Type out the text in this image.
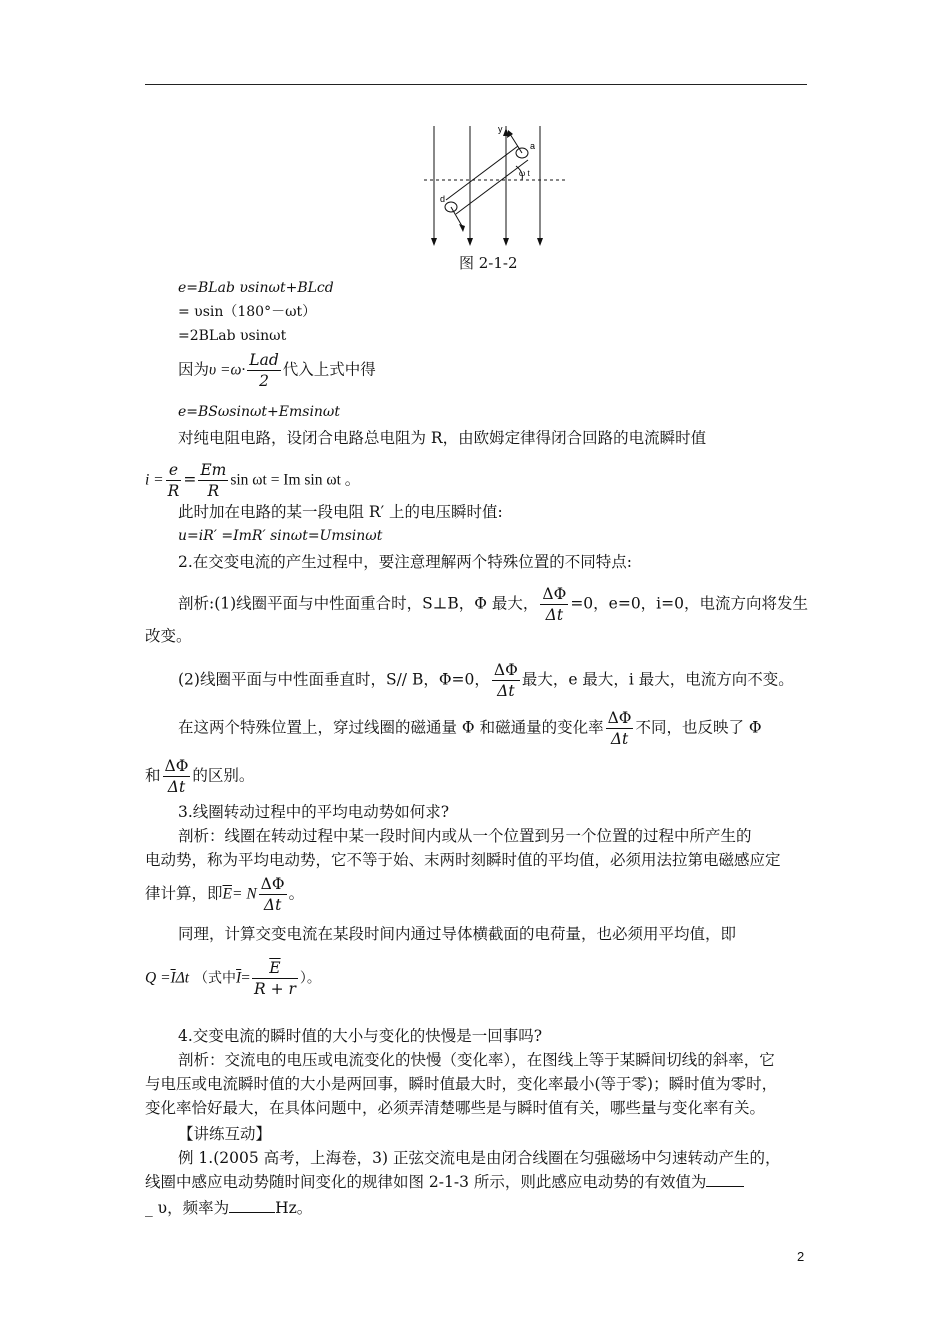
y
a
d
ω t
图 2-1-2
e=BLab υsinωt+BLcd
= υsin（180°－ωt）
=2BLab υsinωt
因为$\upsilon =\omega\cdot \frac{\text{Lad}}{2}$ 代入上式中得
e=BSωsinωt+Emsinωt
对纯电阻电路，设闭合电路总电阻为 R，由欧姆定律得闭合回路的电流瞬时值
$i = \frac{e}{R} = \frac{Em}{R}$ sin ωt = Im sin ωt 。
此时加在电路的某一段电阻 R′ 上的电压瞬时值:
u=iR′ =ImR′ sinωt=Umsinωt
2.在交变电流的产生过程中，要注意理解两个特殊位置的不同特点:
剖析:(1)线圈平面与中性面重合时，S⊥B，Φ 最大， $\frac{\Delta\Phi}{\Delta t} =0$，e=0，i=0，电流方向将发生
改变。
(2)线圈平面与中性面垂直时，S// B，Φ=0， $\frac{\Delta\Phi}{\Delta t}$ 最大，e 最大，i 最大，电流方向不变。
在这两个特殊位置上，穿过线圈的磁通量 Φ 和磁通量的变化率 $\frac{\Delta\Phi}{\Delta t}$ 不同，也反映了 Φ
和 $\frac{\Delta\Phi}{\Delta t}$ 的区别。
3.线圈转动过程中的平均电动势如何求?
剖析：线圈在转动过程中某一段时间内或从一个位置到另一个位置的过程中所产生的
电动势，称为平均电动势，它不等于始、末两时刻瞬时值的平均值，必须用法拉第电磁感应定
律计算，即$\overline{E}= N \frac{\Delta\Phi}{\Delta t}$ 。
同理，计算交变电流在某段时间内通过导体横截面的电荷量，也必须用平均值，即
$Q =\overline{I}\Delta t$ （式中$\overline{I}= \frac{\overline{E}}{R + r}$ ）。
4.交变电流的瞬时值的大小与变化的快慢是一回事吗?
剖析：交流电的电压或电流变化的快慢（变化率），在图线上等于某瞬间切线的斜率，它
与电压或电流瞬时值的大小是两回事，瞬时值最大时，变化率最小(等于零)；瞬时值为零时，
变化率恰好最大，在具体问题中，必须弄清楚哪些是与瞬时值有关，哪些量与变化率有关。
【讲练互动】
例 1.(2005 高考，上海卷，3) 正弦交流电是由闭合线圈在匀强磁场中匀速转动产生的，
线圈中感应电动势随时间变化的规律如图 2-1-3 所示，则此感应电动势的有效值为
_ υ，频率为	Hz。
2
